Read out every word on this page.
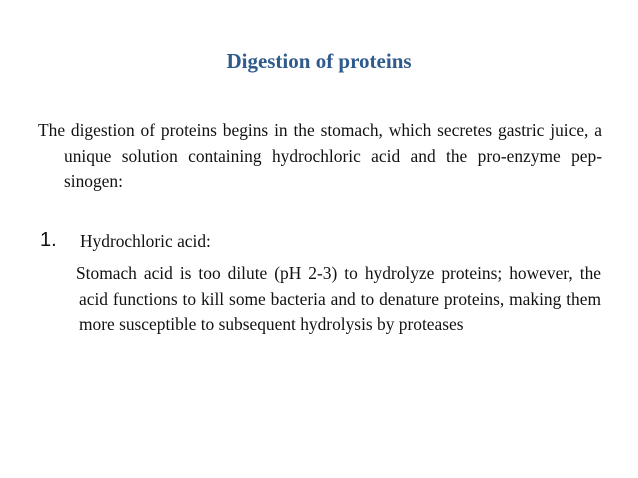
Digestion of proteins
The digestion of proteins begins in the stomach, which secretes gastric juice, a unique solution containing hydrochloric acid and the pro-enzyme pep-sinogen:
1. Hydrochloric acid:
Stomach acid is too dilute (pH 2-3) to hydrolyze proteins; however, the acid functions to kill some bacteria and to denature proteins, making them more susceptible to subsequent hydrolysis by proteases
